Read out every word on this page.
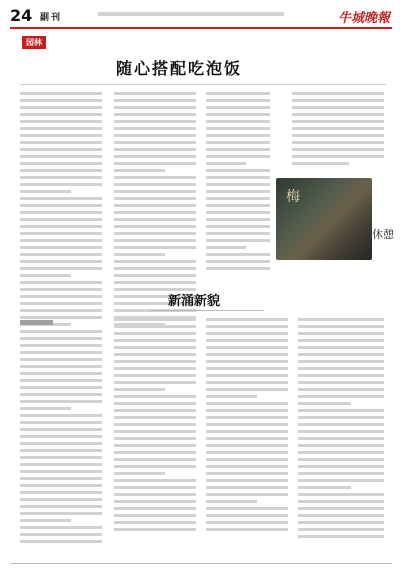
24 副刊	牛城晚報
园林
随心搭配吃泡饭
梅
休憩
新涌新貌
